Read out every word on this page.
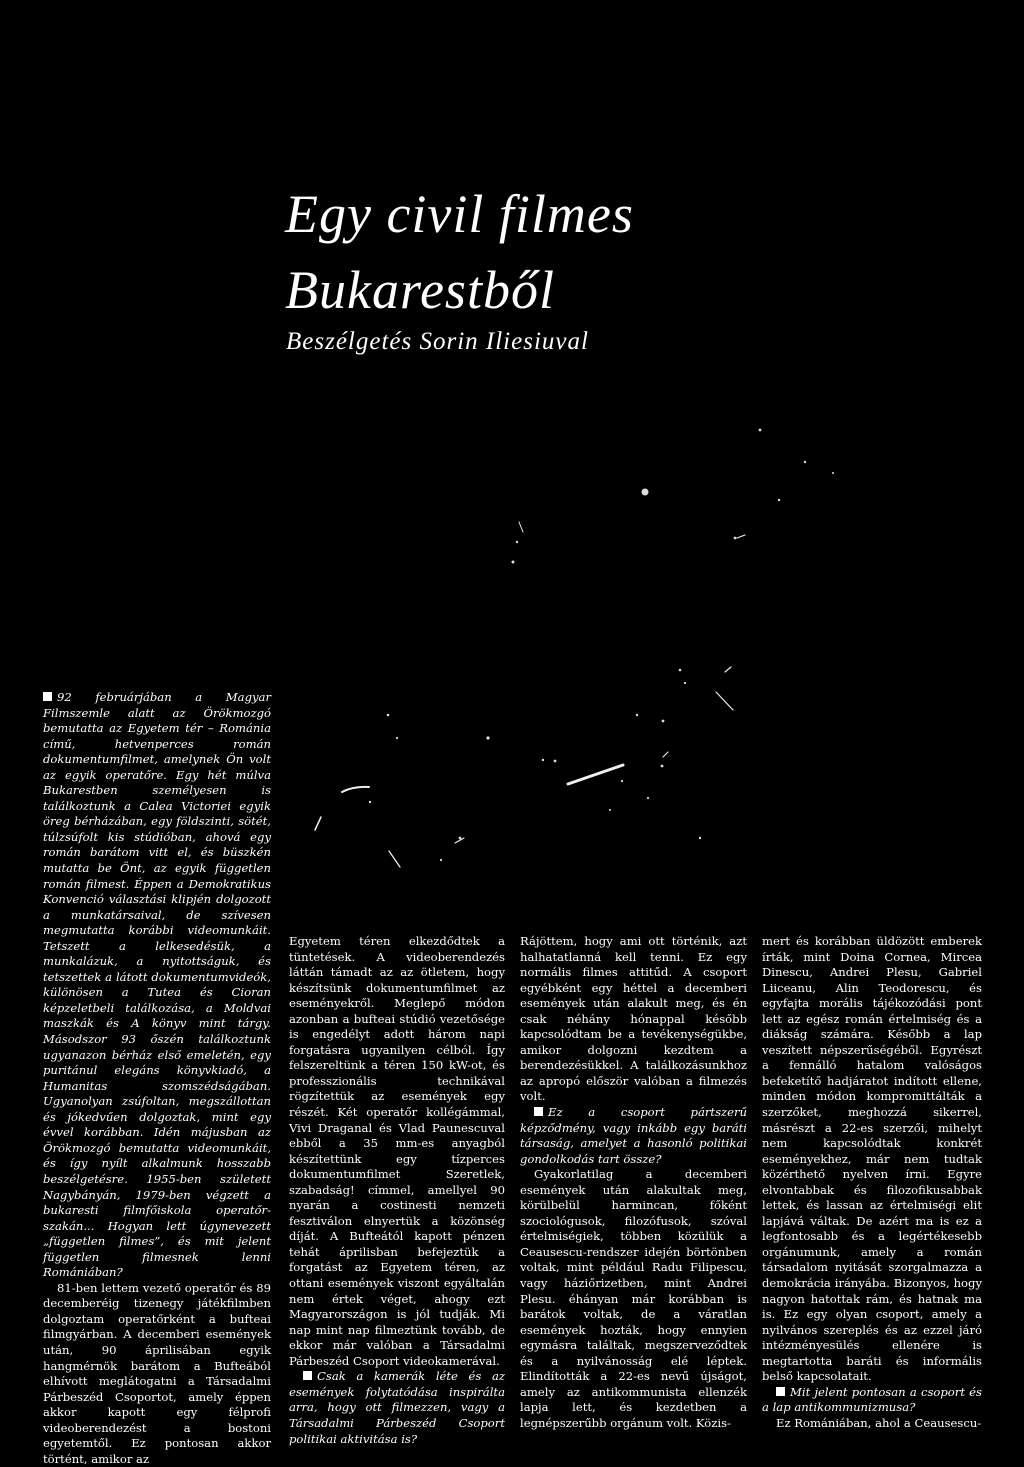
Egy civil filmes
Bukarestből
Beszélgetés Sorin Iliesiuval

92 februárjában a Magyar Filmszemle alatt az Örökmozgó bemutatta az Egyetem tér – Románia című, hetvenperces román dokumentumfilmet, amelynek Ön volt az egyik operatőre. Egy hét múlva Bukarestben személyesen is találkoztunk a Calea Victoriei egyik öreg bérházában, egy földszinti, sötét, túlzsúfolt kis stúdióban, ahová egy román barátom vitt el, és büszkén mutatta be Önt, az egyik független román filmest. Éppen a Demokratikus Konvenció választási klipjén dolgozott a munkatársaival, de szívesen megmutatta korábbi videomunkáit. Tetszett a lelkesedésük, a munkalázuk, a nyitottságuk, és tetszettek a látott dokumentumvideók, különösen a Tutea és Cioran képzeletbeli találkozása, a Moldvai maszkák és A könyv mint tárgy. Másodszor 93 őszén találkoztunk ugyanazon bérház első emeletén, egy puritánul elegáns könyvkiadó, a Humanitas szomszédságában. Ugyanolyan zsúfoltan, megszállottan és jókedvűen dolgoztak, mint egy évvel korábban. Idén májusban az Örökmozgó bemutatta videomunkáit, és így nyílt alkalmunk hosszabb beszélgetésre. 1955-ben született Nagybányán, 1979-ben végzett a bukaresti filmfőiskola operatőr-szakán... Hogyan lett úgynevezett „független filmes”, és mit jelent független filmesnek lenni Romániában?

81-ben lettem vezető operatőr és 89 decemberéig tizenegy játékfilmben dolgoztam operatőrként a bufteai filmgyárban. A decemberi események után, 90 áprilisában egyik hangmérnök barátom a Bufteából elhívott meglátogatni a Társadalmi Párbeszéd Csoportot, amely éppen akkor kapott egy félprofi videoberendezést a bostoni egyetemtől. Ez pontosan akkor történt, amikor az

Egyetem téren elkezdődtek a tüntetések. A videoberendezés láttán támadt az az ötletem, hogy készítsünk dokumentumfilmet az eseményekről. Meglepő módon azonban a bufteai stúdió vezetősége is engedélyt adott három napi forgatásra ugyanilyen célból. Így felszereltünk a téren 150 kW-ot, és professzionális technikával rögzítettük az események egy részét. Két operatőr kollégámmal, Vivi Draganal és Vlad Paunescuval ebből a 35 mm-es anyagból készítettünk egy tízperces dokumentumfilmet Szeretlek, szabadság! címmel, amellyel 90 nyarán a costinesti nemzeti fesztiválon elnyertük a közönség díját. A Bufteától kapott pénzen tehát áprilisban befejeztük a forgatást az Egyetem téren, az ottani események viszont egyáltalán nem értek véget, ahogy ezt Magyarországon is jól tudják. Mi nap mint nap filmeztünk tovább, de ekkor már valóban a Társadalmi Párbeszéd Csoport videokamerával.

Csak a kamerák léte és az események folytatódása inspirálta arra, hogy ott filmezzen, vagy a Társadalmi Párbeszéd Csoport politikai aktivitása is?

Rájöttem, hogy ami ott történik, azt halhatatlanná kell tenni. Ez egy normális filmes attitűd. A csoport egyébként egy héttel a decemberi események után alakult meg, és én csak néhány hónappal később kapcsolódtam be a tevékenységükbe, amikor dolgozni kezdtem a berendezésükkel. A találkozásunkhoz az apropó először valóban a filmezés volt.

Ez a csoport pártszerű képződmény, vagy inkább egy baráti társaság, amelyet a hasonló politikai gondolkodás tart össze?

Gyakorlatilag a decemberi események után alakultak meg, körülbelül harmincan, főként szociológusok, filozófusok, szóval értelmiségiek, többen közülük a Ceausescu-rendszer idején börtönben voltak, mint például Radu Filipescu, vagy háziőrizetben, mint Andrei Plesu. éhányan már korábban is barátok voltak, de a váratlan események hozták, hogy ennyien egymásra találtak, megszerveződtek és a nyilvánosság elé léptek. Elindították a 22-es nevű újságot, amely az antikommunista ellenzék lapja lett, és kezdetben a legnépszerűbb orgánum volt. Közis-

mert és korábban üldözött emberek írták, mint Doina Cornea, Mircea Dinescu, Andrei Plesu, Gabriel Liiceanu, Alin Teodorescu, és egyfajta morális tájékozódási pont lett az egész román értelmiség és a diákság számára. Később a lap veszített népszerűségéből. Egyrészt a fennálló hatalom valóságos befeketítő hadjáratot indított ellene, minden módon kompromittálták a szerzőket, meghozzá sikerrel, másrészt a 22-es szerzői, mihelyt nem kapcsolódtak konkrét eseményekhez, már nem tudtak közérthető nyelven írni. Egyre elvontabbak és filozofikusabbak lettek, és lassan az értelmiségi elit lapjává váltak. De azért ma is ez a legfontosabb és a legértékesebb orgánumunk, amely a román társadalom nyitását szorgalmazza a demokrácia irányába. Bizonyos, hogy nagyon hatottak rám, és hatnak ma is. Ez egy olyan csoport, amely a nyilvános szereplés és az ezzel járó intézményesülés ellenére is megtartotta baráti és informális belső kapcsolatait.

Mit jelent pontosan a csoport és a lap antikommunizmusa?

Ez Romániában, ahol a Ceausescu-
